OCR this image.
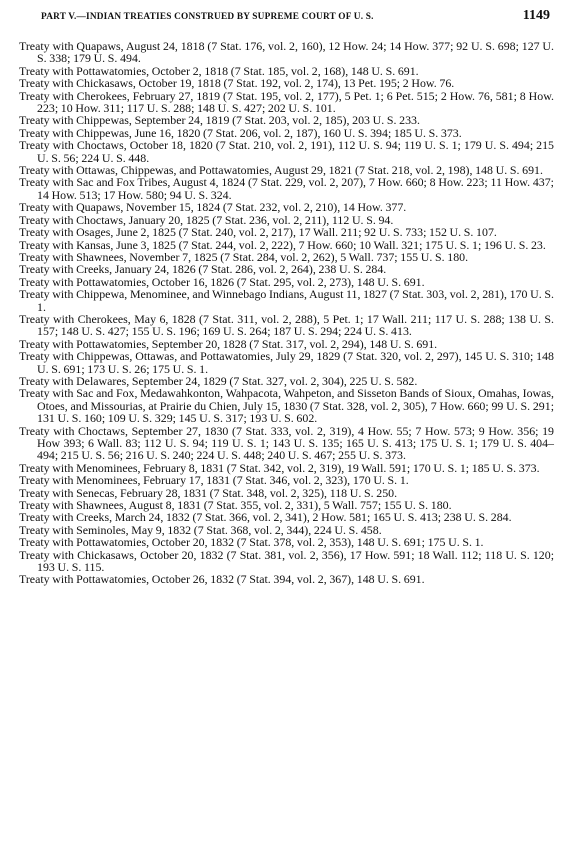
PART V.—INDIAN TREATIES CONSTRUED BY SUPREME COURT OF U. S.	1149

Treaty with Quapaws, August 24, 1818 (7 Stat. 176, vol. 2, 160), 12 How. 24; 14 How. 377; 92 U. S. 698; 127 U. S. 338; 179 U. S. 494.

Treaty with Pottawatomies, October 2, 1818 (7 Stat. 185, vol. 2, 168), 148 U. S. 691.

Treaty with Chickasaws, October 19, 1818 (7 Stat. 192, vol. 2, 174), 13 Pet. 195; 2 How. 76.

Treaty with Cherokees, February 27, 1819 (7 Stat. 195, vol. 2, 177), 5 Pet. 1; 6 Pet. 515; 2 How. 76, 581; 8 How. 223; 10 How. 311; 117 U. S. 288; 148 U. S. 427; 202 U. S. 101.

Treaty with Chippewas, September 24, 1819 (7 Stat. 203, vol. 2, 185), 203 U. S. 233.

Treaty with Chippewas, June 16, 1820 (7 Stat. 206, vol. 2, 187), 160 U. S. 394; 185 U. S. 373.

Treaty with Choctaws, October 18, 1820 (7 Stat. 210, vol. 2, 191), 112 U. S. 94; 119 U. S. 1; 179 U. S. 494; 215 U. S. 56; 224 U. S. 448.

Treaty with Ottawas, Chippewas, and Pottawatomies, August 29, 1821 (7 Stat. 218, vol. 2, 198), 148 U. S. 691.

Treaty with Sac and Fox Tribes, August 4, 1824 (7 Stat. 229, vol. 2, 207), 7 How. 660; 8 How. 223; 11 How. 437; 14 How. 513; 17 How. 580; 94 U. S. 324.

Treaty with Quapaws, November 15, 1824 (7 Stat. 232, vol. 2, 210), 14 How. 377.

Treaty with Choctaws, January 20, 1825 (7 Stat. 236, vol. 2, 211), 112 U. S. 94.

Treaty with Osages, June 2, 1825 (7 Stat. 240, vol. 2, 217), 17 Wall. 211; 92 U. S. 733; 152 U. S. 107.

Treaty with Kansas, June 3, 1825 (7 Stat. 244, vol. 2, 222), 7 How. 660; 10 Wall. 321; 175 U. S. 1; 196 U. S. 23.

Treaty with Shawnees, November 7, 1825 (7 Stat. 284, vol. 2, 262), 5 Wall. 737; 155 U. S. 180.

Treaty with Creeks, January 24, 1826 (7 Stat. 286, vol. 2, 264), 238 U. S. 284.

Treaty with Pottawatomies, October 16, 1826 (7 Stat. 295, vol. 2, 273), 148 U. S. 691.

Treaty with Chippewa, Menominee, and Winnebago Indians, August 11, 1827 (7 Stat. 303, vol. 2, 281), 170 U. S. 1.

Treaty with Cherokees, May 6, 1828 (7 Stat. 311, vol. 2, 288), 5 Pet. 1; 17 Wall. 211; 117 U. S. 288; 138 U. S. 157; 148 U. S. 427; 155 U. S. 196; 169 U. S. 264; 187 U. S. 294; 224 U. S. 413.

Treaty with Pottawatomies, September 20, 1828 (7 Stat. 317, vol. 2, 294), 148 U. S. 691.

Treaty with Chippewas, Ottawas, and Pottawatomies, July 29, 1829 (7 Stat. 320, vol. 2, 297), 145 U. S. 310; 148 U. S. 691; 173 U. S. 26; 175 U. S. 1.

Treaty with Delawares, September 24, 1829 (7 Stat. 327, vol. 2, 304), 225 U. S. 582.

Treaty with Sac and Fox, Medawahkonton, Wahpacota, Wahpeton, and Sisseton Bands of Sioux, Omahas, Iowas, Otoes, and Missourias, at Prairie du Chien, July 15, 1830 (7 Stat. 328, vol. 2, 305), 7 How. 660; 99 U. S. 291; 131 U. S. 160; 109 U. S. 329; 145 U. S. 317; 193 U. S. 602.

Treaty with Choctaws, September 27, 1830 (7 Stat. 333, vol. 2, 319), 4 How. 55; 7 How. 573; 9 How. 356; 19 How 393; 6 Wall. 83; 112 U. S. 94; 119 U. S. 1; 143 U. S. 135; 165 U. S. 413; 175 U. S. 1; 179 U. S. 404–494; 215 U. S. 56; 216 U. S. 240; 224 U. S. 448; 240 U. S. 467; 255 U. S. 373.

Treaty with Menominees, February 8, 1831 (7 Stat. 342, vol. 2, 319), 19 Wall. 591; 170 U. S. 1; 185 U. S. 373.

Treaty with Menominees, February 17, 1831 (7 Stat. 346, vol. 2, 323), 170 U. S. 1.

Treaty with Senecas, February 28, 1831 (7 Stat. 348, vol. 2, 325), 118 U. S. 250.

Treaty with Shawnees, August 8, 1831 (7 Stat. 355, vol. 2, 331), 5 Wall. 757; 155 U. S. 180.

Treaty with Creeks, March 24, 1832 (7 Stat. 366, vol. 2, 341), 2 How. 581; 165 U. S. 413; 238 U. S. 284.

Treaty with Seminoles, May 9, 1832 (7 Stat. 368, vol. 2, 344), 224 U. S. 458.

Treaty with Pottawatomies, October 20, 1832 (7 Stat. 378, vol. 2, 353), 148 U. S. 691; 175 U. S. 1.

Treaty with Chickasaws, October 20, 1832 (7 Stat. 381, vol. 2, 356), 17 How. 591; 18 Wall. 112; 118 U. S. 120; 193 U. S. 115.

Treaty with Pottawatomies, October 26, 1832 (7 Stat. 394, vol. 2, 367), 148 U. S. 691.
